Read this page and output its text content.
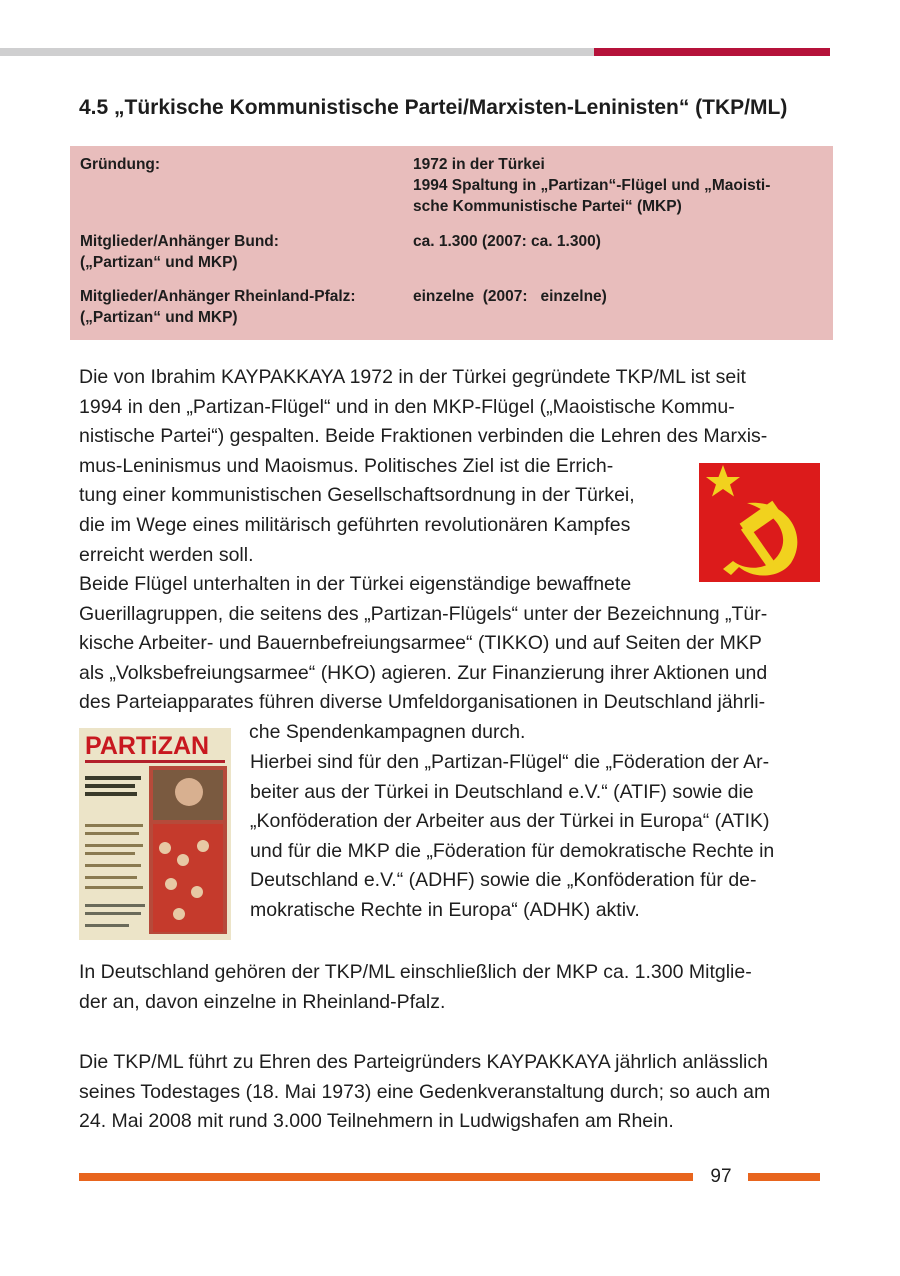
4.5 „Türkische Kommunistische Partei/Marxisten-Leninisten“ (TKP/ML)
Gründung:	1972 in der Türkei
1994 Spaltung in „Partizan“-Flügel und „Maoisti-
sche Kommunistische Partei“ (MKP)
Mitglieder/Anhänger Bund:
(„Partizan“ und MKP)
ca. 1.300 (2007: ca. 1.300)
Mitglieder/Anhänger Rheinland-Pfalz:
(„Partizan“ und MKP)
einzelne  (2007:   einzelne)
Die von Ibrahim KAYPAKKAYA 1972 in der Türkei gegründete TKP/ML ist seit
1994 in den „Partizan-Flügel“ und in den MKP-Flügel („Maoistische Kommu-
nistische Partei“) gespalten. Beide Fraktionen verbinden die Lehren des Marxis-
mus-Leninismus und Maoismus. Politisches Ziel ist die Errich-
tung einer kommunistischen Gesellschaftsordnung in der Türkei,
die im Wege eines militärisch geführten revolutionären Kampfes
erreicht werden soll.
Beide Flügel unterhalten in der Türkei eigenständige bewaffnete
Guerillagruppen, die seitens des „Partizan-Flügels“ unter der Bezeichnung „Tür-
kische Arbeiter- und Bauernbefreiungsarmee“ (TIKKO) und auf Seiten der MKP
als „Volksbefreiungsarmee“ (HKO) agieren. Zur Finanzierung ihrer Aktionen und
des Parteiapparates führen diverse Umfeldorganisationen in Deutschland jährli-
che Spendenkampagnen durch.
PARTiZAN
Hierbei sind für den „Partizan-Flügel“ die „Föderation der Ar-
beiter aus der Türkei in Deutschland e.V.“ (ATIF) sowie die
„Konföderation der Arbeiter aus der Türkei in Europa“ (ATIK)
und für die MKP die „Föderation für demokratische Rechte in
Deutschland e.V.“ (ADHF) sowie die „Konföderation für de-
mokratische Rechte in Europa“ (ADHK) aktiv.
In Deutschland gehören der TKP/ML einschließlich der MKP ca. 1.300 Mitglie-
der an, davon einzelne in Rheinland-Pfalz.
Die TKP/ML führt zu Ehren des Parteigründers KAYPAKKAYA jährlich anlässlich
seines Todestages (18. Mai 1973) eine Gedenkveranstaltung durch; so auch am
24. Mai 2008 mit rund 3.000 Teilnehmern in Ludwigshafen am Rhein.
97
